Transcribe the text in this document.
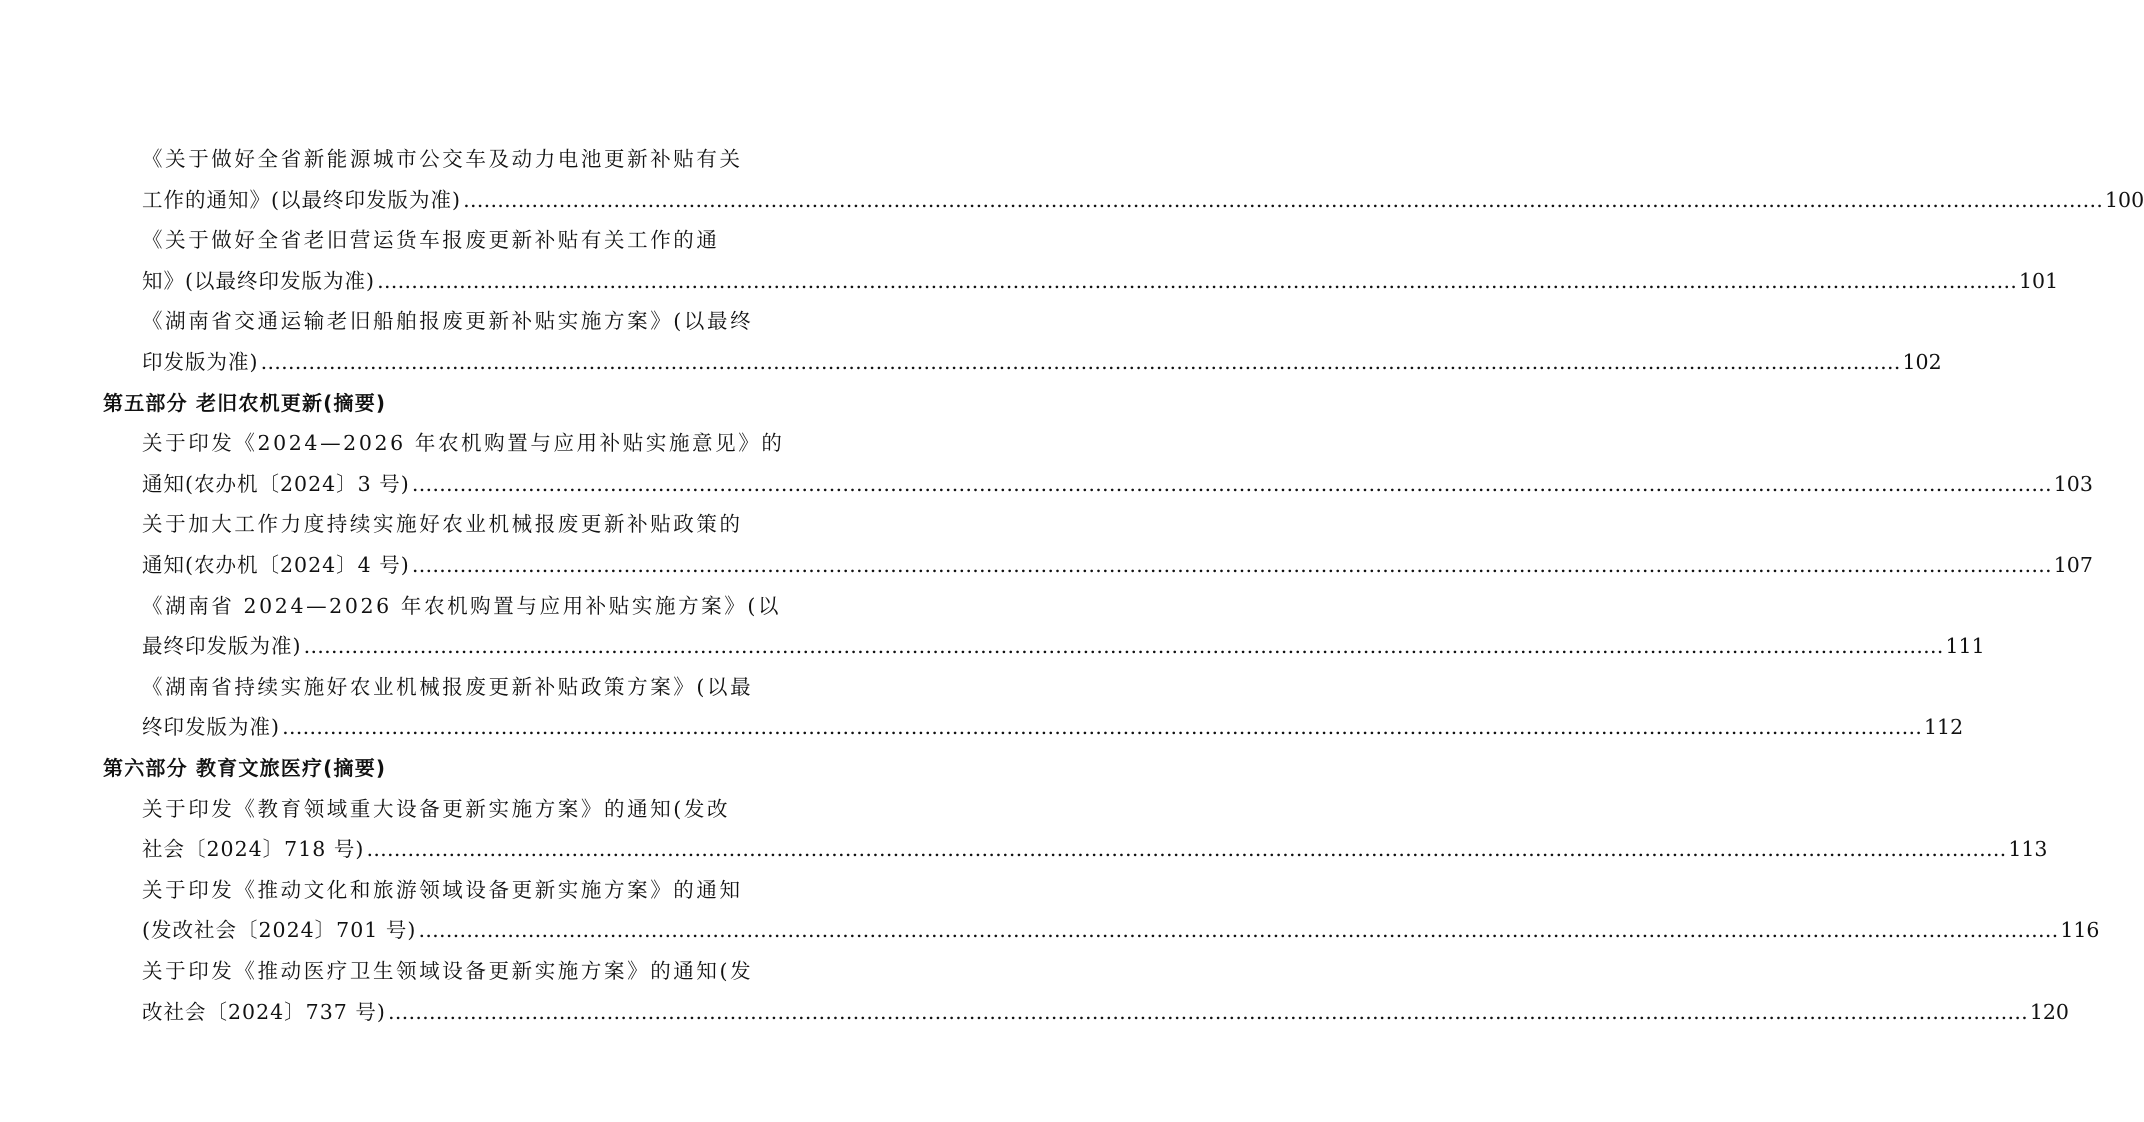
《关于做好全省新能源城市公交车及动力电池更新补贴有关
工作的通知》(以最终印发版为准) …………………………………………………………………………………………………………………………………………………………………………………………………………………… 100
《关于做好全省老旧营运货车报废更新补贴有关工作的通
知》(以最终印发版为准) …………………………………………………………………………………………………………………………………………………………………………………………………………………… 101
《湖南省交通运输老旧船舶报废更新补贴实施方案》(以最终
印发版为准) …………………………………………………………………………………………………………………………………………………………………………………………………………………… 102
第五部分 老旧农机更新(摘要)
关于印发《2024—2026 年农机购置与应用补贴实施意见》的
通知(农办机〔2024〕3 号) …………………………………………………………………………………………………………………………………………………………………………………………………………………… 103
关于加大工作力度持续实施好农业机械报废更新补贴政策的
通知(农办机〔2024〕4 号) …………………………………………………………………………………………………………………………………………………………………………………………………………………… 107
《湖南省 2024—2026 年农机购置与应用补贴实施方案》(以
最终印发版为准) …………………………………………………………………………………………………………………………………………………………………………………………………………………… 111
《湖南省持续实施好农业机械报废更新补贴政策方案》(以最
终印发版为准) …………………………………………………………………………………………………………………………………………………………………………………………………………………… 112
第六部分 教育文旅医疗(摘要)
关于印发《教育领域重大设备更新实施方案》的通知(发改
社会〔2024〕718 号) …………………………………………………………………………………………………………………………………………………………………………………………………………………… 113
关于印发《推动文化和旅游领域设备更新实施方案》的通知
(发改社会〔2024〕701 号) …………………………………………………………………………………………………………………………………………………………………………………………………………………… 116
关于印发《推动医疗卫生领域设备更新实施方案》的通知(发
改社会〔2024〕737 号) …………………………………………………………………………………………………………………………………………………………………………………………………………………… 120
